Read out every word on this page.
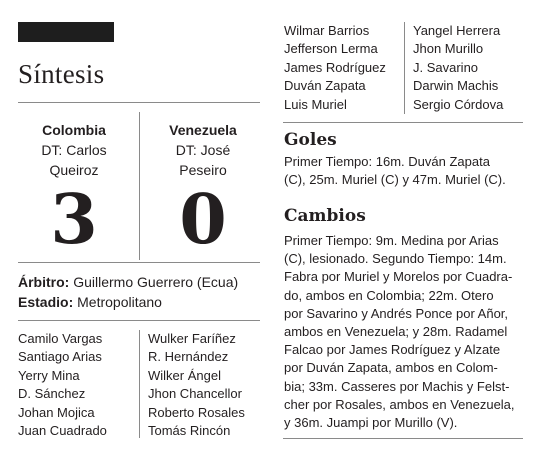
Síntesis
Colombia
DT: Carlos
Queiroz
Venezuela
DT: José
Peseiro
3	0
Árbitro: Guillermo Guerrero (Ecua)
Estadio: Metropolitano
Camilo Vargas
Santiago Arias
Yerry Mina
D. Sánchez
Johan Mojica
Juan Cuadrado
Wulker Faríñez
R. Hernández
Wilker Ángel
Jhon Chancellor
Roberto Rosales
Tomás Rincón
Wilmar Barrios
Jefferson Lerma
James Rodríguez
Duván Zapata
Luis Muriel
Yangel Herrera
Jhon Murillo
J. Savarino
Darwin Machis
Sergio Córdova
Goles
Primer Tiempo: 16m. Duván Zapata
(C), 25m. Muriel (C) y 47m. Muriel (C).
Cambios
Primer Tiempo: 9m. Medina por Arias
(C), lesionado. Segundo Tiempo: 14m.
Fabra por Muriel y Morelos por Cuadra-
do, ambos en Colombia; 22m. Otero
por Savarino y Andrés Ponce por Añor,
ambos en Venezuela; y 28m. Radamel
Falcao por James Rodríguez y Alzate
por Duván Zapata, ambos en Colom-
bia; 33m. Casseres por Machis y Felst-
cher por Rosales, ambos en Venezuela,
y 36m. Juampi por Murillo (V).
